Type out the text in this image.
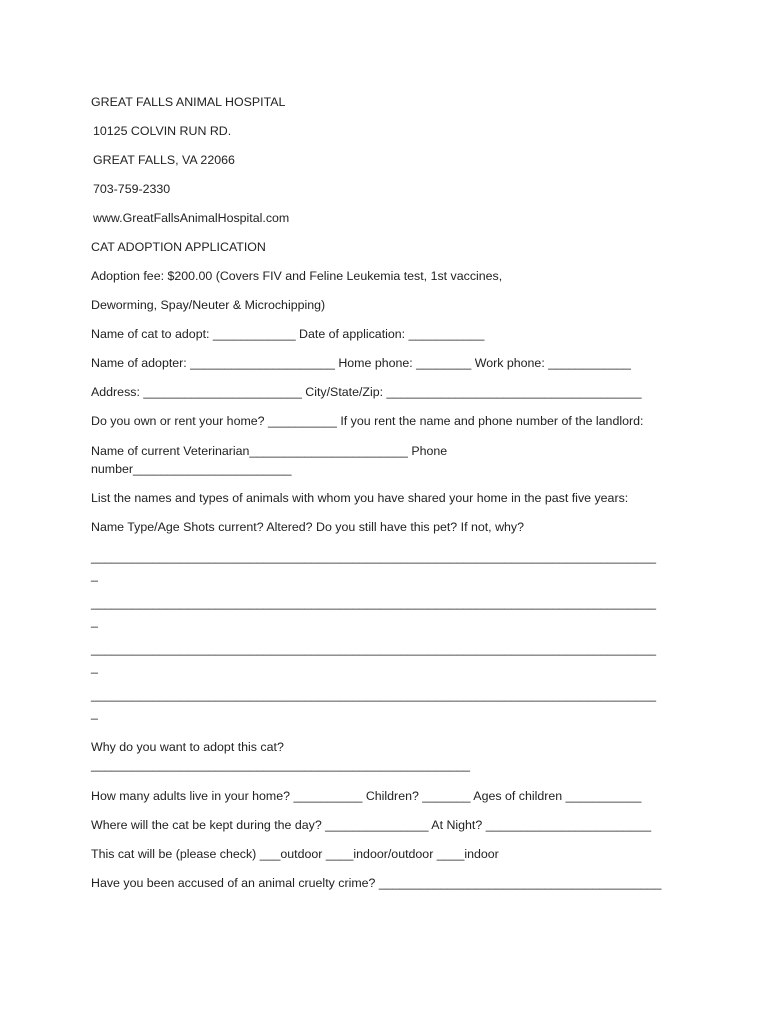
GREAT FALLS ANIMAL HOSPITAL
10125 COLVIN RUN RD.
GREAT FALLS, VA 22066
703-759-2330
www.GreatFallsAnimalHospital.com
CAT ADOPTION APPLICATION
Adoption fee: $200.00 (Covers FIV and Feline Leukemia test, 1st vaccines,
Deworming, Spay/Neuter & Microchipping)
Name of cat to adopt: ____________ Date of application: ___________
Name of adopter: _____________________ Home phone: ________ Work phone: ____________
Address: _______________________ City/State/Zip: _____________________________________
Do you own or rent your home? __________ If you rent the name and phone number of the landlord:
Name of current Veterinarian_______________________ Phone
number_______________________
List the names and types of animals with whom you have shared your home in the past five years:
Name Type/Age Shots current? Altered? Do you still have this pet? If not, why?
__________________________________________________________________________________
_
__________________________________________________________________________________
_
__________________________________________________________________________________
_
__________________________________________________________________________________
_
Why do you want to adopt this cat?
_______________________________________________________
How many adults live in your home? __________ Children? _______ Ages of children ___________
Where will the cat be kept during the day? _______________ At Night? ________________________
This cat will be (please check) ___outdoor ____indoor/outdoor ____indoor
Have you been accused of an animal cruelty crime? _________________________________________
